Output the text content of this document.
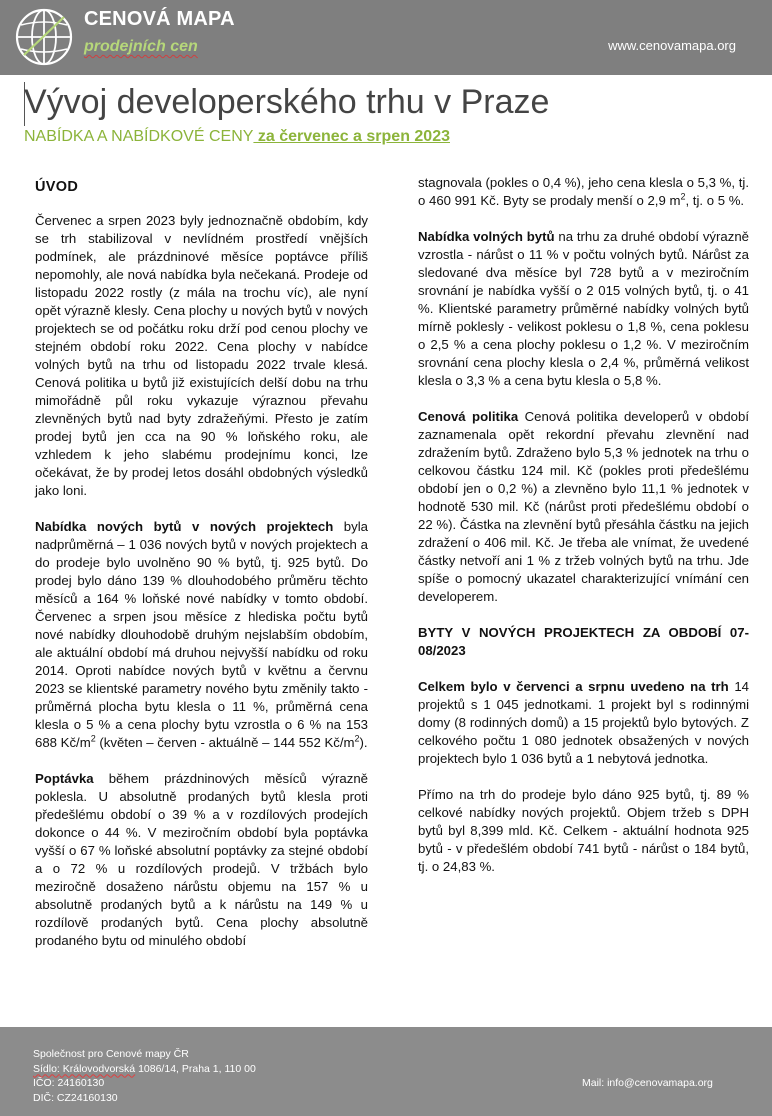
CENOVÁ MAPA
prodejních cen	www.cenovamapa.org
Vývoj developerského trhu v Praze
NABÍDKA A NABÍDKOVÉ CENY za červenec a srpen 2023
ÚVOD

Červenec a srpen 2023 byly jednoznačně obdobím, kdy se trh stabilizoval v nevlídném prostředí vnějších podmínek, ale prázdninové měsíce poptávce příliš nepomohly, ale nová nabídka byla nečekaná. Prodeje od listopadu 2022 rostly (z mála na trochu víc), ale nyní opět výrazně klesly. Cena plochy u nových bytů v nových projektech se od počátku roku drží pod cenou plochy ve stejném období roku 2022. Cena plochy v nabídce volných bytů na trhu od listopadu 2022 trvale klesá. Cenová politika u bytů již existujících delší dobu na trhu mimořádně půl roku vykazuje výraznou převahu zlevněných bytů nad byty zdražeňými. Přesto je zatím prodej bytů jen cca na 90 % loňského roku, ale vzhledem k jeho slabému prodejnímu konci, lze očekávat, že by prodej letos dosáhl obdobných výsledků jako loni.

Nabídka nových bytů v nových projektech byla nadprůměrná – 1 036 nových bytů v nových projektech a do prodeje bylo uvolněno 90 % bytů, tj. 925 bytů. Do prodej bylo dáno 139 % dlouhodobého průměru těchto měsíců a 164 % loňské nové nabídky v tomto období. Červenec a srpen jsou měsíce z hlediska počtu bytů nové nabídky dlouhodobě druhým nejslabším obdobím, ale aktuální období má druhou nejvyšší nabídku od roku 2014. Oproti nabídce nových bytů v květnu a červnu 2023 se klientské parametry nového bytu změnily takto - průměrná plocha bytu klesla o 11 %, průměrná cena klesla o 5 % a cena plochy bytu vzrostla o 6 % na 153 688 $Kč/m^2$ (květen – červen - aktuálně – 144 552 $Kč/m^2$).

Poptávka během prázdninových měsíců výrazně poklesla. U absolutně prodaných bytů klesla proti předešlému období o 39 % a v rozdílových prodejích dokonce o 44 %. V meziročním období byla poptávka vyšší o 67 % loňské absolutní poptávky za stejné období a o 72 % u rozdílových prodejů. V tržbách bylo meziročně dosaženo nárůstu objemu na 157 % u absolutně prodaných bytů a k nárůstu na 149 % u rozdílově prodaných bytů. Cena plochy absolutně prodaného bytu od minulého období

stagnovala (pokles o 0,4 %), jeho cena klesla o 5,3 %, tj. o 460 991 Kč. Byty se prodaly menší o 2,9 $m^2$, tj. o 5 %.

Nabídka volných bytů na trhu za druhé období výrazně vzrostla - nárůst o 11 % v počtu volných bytů. Nárůst za sledované dva měsíce byl 728 bytů a v meziročním srovnání je nabídka vyšší o 2 015 volných bytů, tj. o 41 %. Klientské parametry průměrné nabídky volných bytů mírně poklesly - velikost poklesu o 1,8 %, cena poklesu o 2,5 % a cena plochy poklesu o 1,2 %. V meziročním srovnání cena plochy klesla o 2,4 %, průměrná velikost klesla o 3,3 % a cena bytu klesla o 5,8 %.

Cenová politika Cenová politika developerů v období zaznamenala opět rekordní převahu zlevnění nad zdražením bytů. Zdraženo bylo 5,3 % jednotek na trhu o celkovou částku 124 mil. Kč (pokles proti předešlému období jen o 0,2 %) a zlevněno bylo 11,1 % jednotek v hodnotě 530 mil. Kč (nárůst proti předešlému období o 22 %). Částka na zlevnění bytů přesáhla částku na jejich zdražení o 406 mil. Kč. Je třeba ale vnímat, že uvedené částky netvoří ani 1 % z tržeb volných bytů na trhu. Jde spíše o pomocný ukazatel charakterizující vnímání cen developerem.

BYTY V NOVÝCH PROJEKTECH ZA OBDOBÍ 07-08/2023

Celkem bylo v červenci a srpnu uvedeno na trh 14 projektů s 1 045 jednotkami. 1 projekt byl s rodinnými domy (8 rodinných domů) a 15 projektů bylo bytových. Z celkového počtu 1 080 jednotek obsažených v nových projektech bylo 1 036 bytů a 1 nebytová jednotka.

Přímo na trh do prodeje bylo dáno 925 bytů, tj. 89 % celkové nabídky nových projektů. Objem tržeb s DPH bytů byl 8,399 mld. Kč. Celkem - aktuální hodnota 925 bytů - v předešlém období 741 bytů - nárůst o 184 bytů, tj. o 24,83 %.

Společnost pro Cenové mapy ČR
Sídlo: Královodvorská 1086/14, Praha 1, 110 00
IČO: 24160130
DIČ: CZ24160130
Mail: info@cenovamapa.org
